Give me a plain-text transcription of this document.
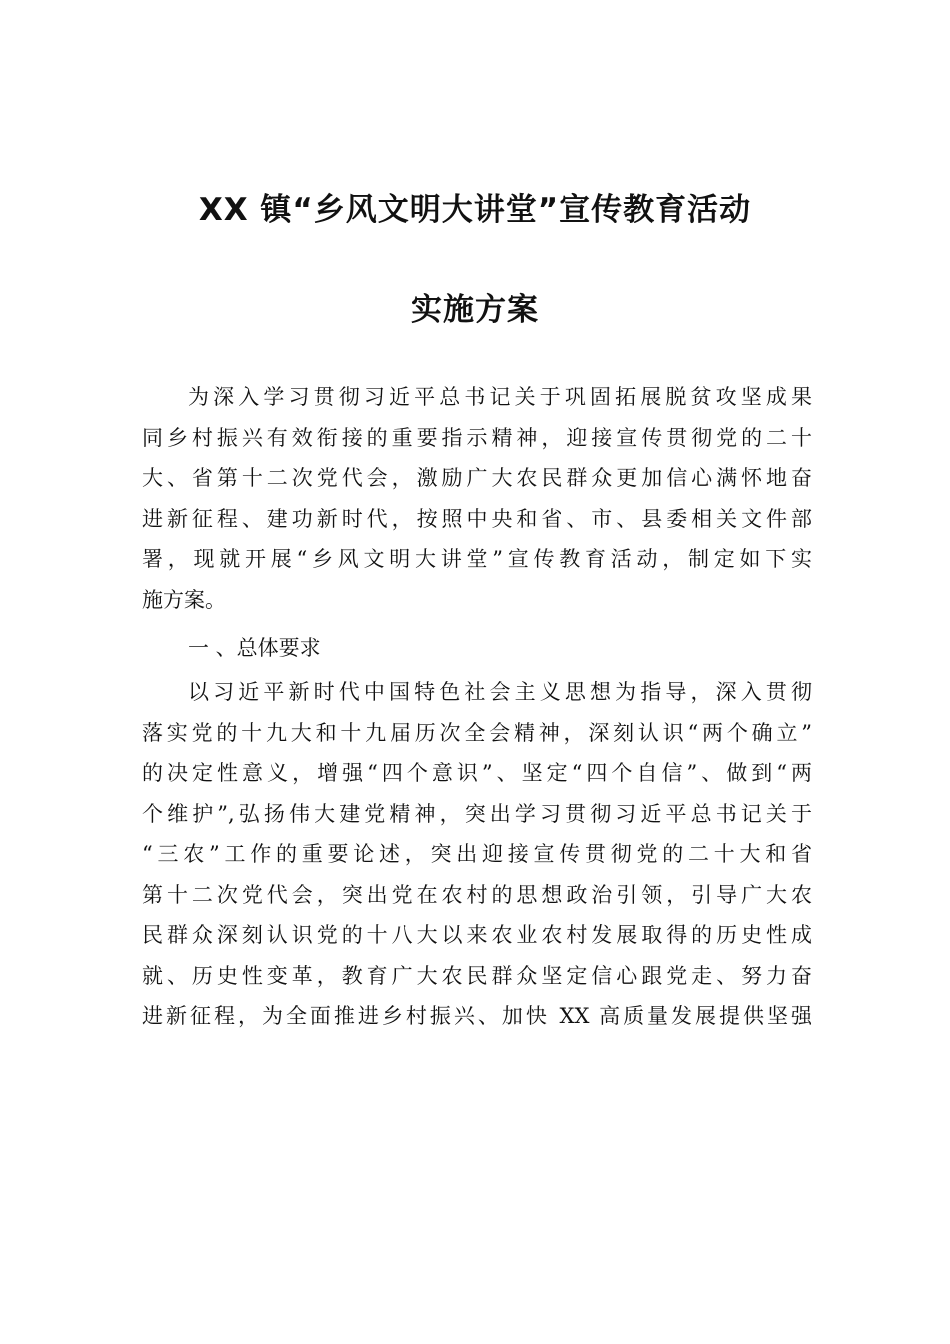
XX 镇“乡风文明大讲堂”宣传教育活动
实施方案
为深入学习贯彻习近平总书记关于巩固拓展脱贫攻坚成果
同乡村振兴有效衔接的重要指示精神，迎接宣传贯彻党的二十
大、省第十二次党代会，激励广大农民群众更加信心满怀地奋
进新征程、建功新时代，按照中央和省、市、县委相关文件部
署，现就开展“乡风文明大讲堂”宣传教育活动，制定如下实
施方案。
一 、总体要求
以习近平新时代中国特色社会主义思想为指导，深入贯彻
落实党的十九大和十九届历次全会精神，深刻认识“两个确立”
的决定性意义，增强“四个意识”、坚定“四个自信”、做到“两
个维护”,弘扬伟大建党精神，突出学习贯彻习近平总书记关于
“三农”工作的重要论述，突出迎接宣传贯彻党的二十大和省
第十二次党代会，突出党在农村的思想政治引领，引导广大农
民群众深刻认识党的十八大以来农业农村发展取得的历史性成
就、历史性变革，教育广大农民群众坚定信心跟党走、努力奋
进新征程，为全面推进乡村振兴、加快 XX 高质量发展提供坚强
